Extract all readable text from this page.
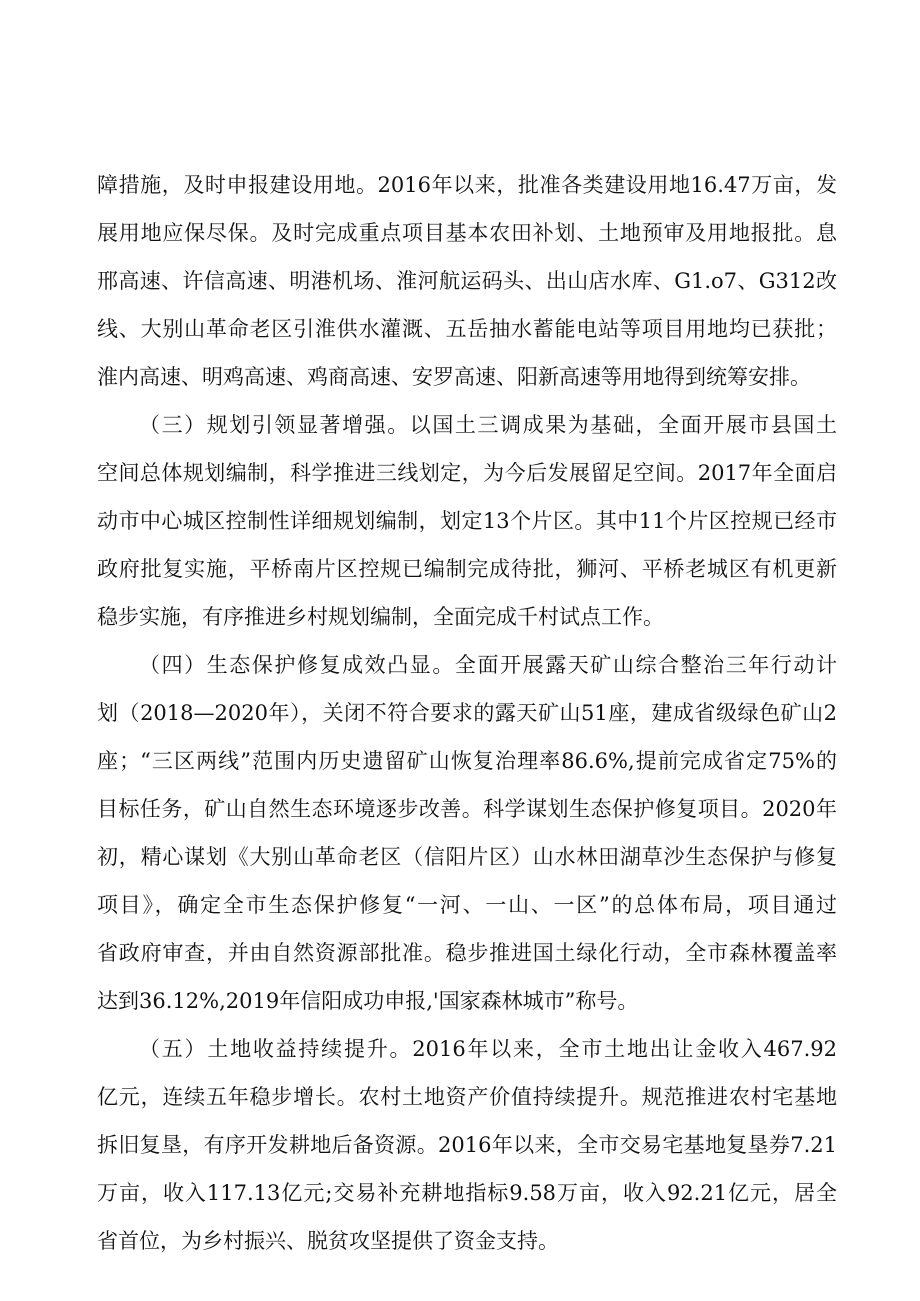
障措施，及时申报建设用地。2016年以来，批准各类建设用地16.47万亩，发
展用地应保尽保。及时完成重点项目基本农田补划、土地预审及用地报批。息
邢高速、许信高速、明港机场、淮河航运码头、出山店水库、G1.o7、G312改
线、大别山革命老区引淮供水灌溉、五岳抽水蓄能电站等项目用地均已获批；
淮内高速、明鸡高速、鸡商高速、安罗高速、阳新高速等用地得到统筹安排。
（三）规划引领显著增强。以国土三调成果为基础，全面开展市县国土
空间总体规划编制，科学推进三线划定，为今后发展留足空间。2017年全面启
动市中心城区控制性详细规划编制，划定13个片区。其中11个片区控规已经市
政府批复实施，平桥南片区控规已编制完成待批，狮河、平桥老城区有机更新
稳步实施，有序推进乡村规划编制，全面完成千村试点工作。
（四）生态保护修复成效凸显。全面开展露天矿山综合整治三年行动计
划（2018—2020年），关闭不符合要求的露天矿山51座，建成省级绿色矿山2
座；“三区两线”范围内历史遗留矿山恢复治理率86.6%,提前完成省定75%的
目标任务，矿山自然生态环境逐步改善。科学谋划生态保护修复项目。2020年
初，精心谋划《大别山革命老区（信阳片区）山水林田湖草沙生态保护与修复
项目》，确定全市生态保护修复“一河、一山、一区”的总体布局，项目通过
省政府审查，并由自然资源部批准。稳步推进国土绿化行动，全市森林覆盖率
达到36.12%,2019年信阳成功申报,'国家森林城市”称号。
（五）土地收益持续提升。2016年以来，全市土地出让金收入467.92
亿元，连续五年稳步增长。农村土地资产价值持续提升。规范推进农村宅基地
拆旧复垦，有序开发耕地后备资源。2016年以来，全市交易宅基地复垦券7.21
万亩，收入117.13亿元;交易补充耕地指标9.58万亩，收入92.21亿元，居全
省首位，为乡村振兴、脱贫攻坚提供了资金支持。
